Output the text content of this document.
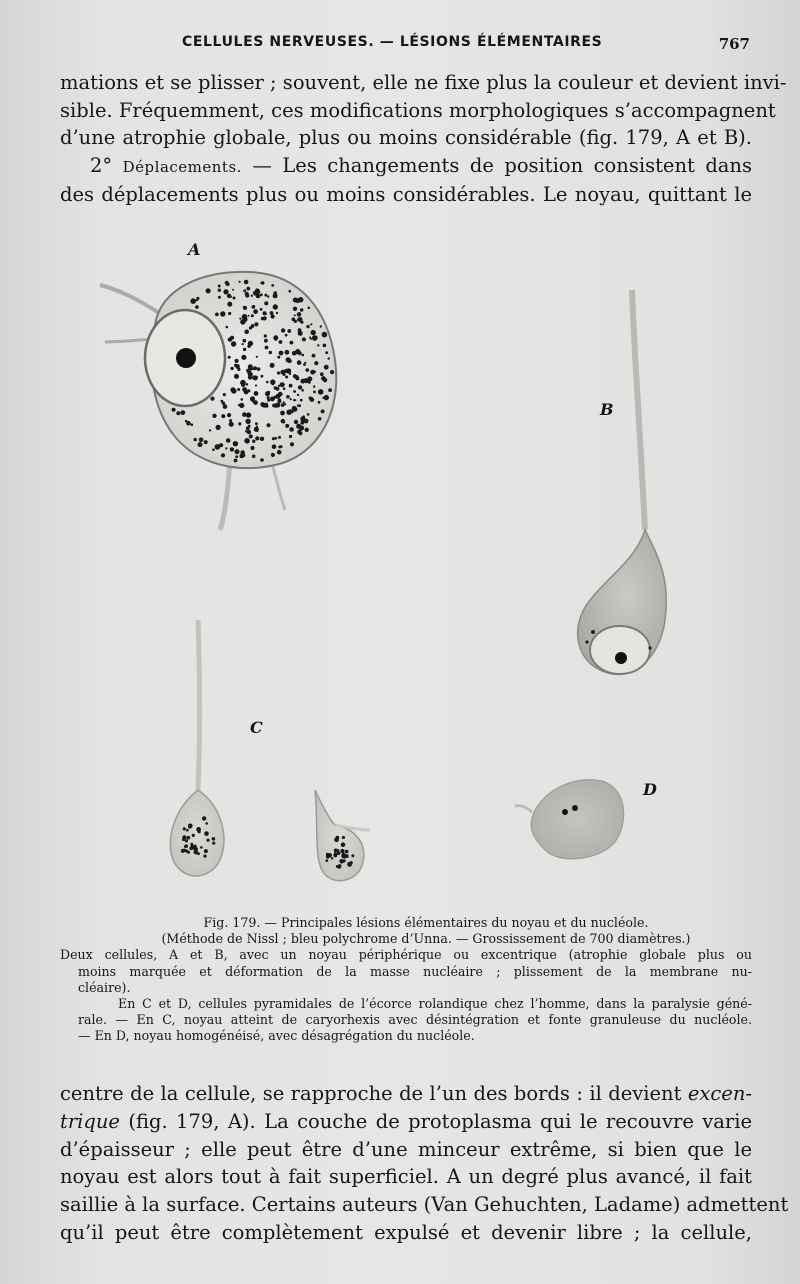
CELLULES NERVEUSES. — LÉSIONS ÉLÉMENTAIRES	767
mations et se plisser ; souvent, elle ne fixe plus la couleur et devient invi-
sible. Fréquemment, ces modifications morphologiques s’accompagnent
d’une atrophie globale, plus ou moins considérable (fig. 179, A et B).
2° Déplacements. — Les changements de position consistent dans
des déplacements plus ou moins considérables. Le noyau, quittant le
A
B
C
D
Fig. 179. — Principales lésions élémentaires du noyau et du nucléole.
(Méthode de Nissl ; bleu polychrome d’Unna. — Grossissement de 700 diamètres.)
Deux cellules, A et B, avec un noyau périphérique ou excentrique (atrophie globale plus ou
moins marquée et déformation de la masse nucléaire ; plissement de la membrane nu-
cléaire).
En C et D, cellules pyramidales de l’écorce rolandique chez l’homme, dans la paralysie géné-
rale. — En C, noyau atteint de caryorhexis avec désintégration et fonte granuleuse du nucléole.
— En D, noyau homogénéisé, avec désagrégation du nucléole.
centre de la cellule, se rapproche de l’un des bords : il devient excen-
trique (fig. 179, A). La couche de protoplasma qui le recouvre varie
d’épaisseur ; elle peut être d’une minceur extrême, si bien que le
noyau est alors tout à fait superficiel. A un degré plus avancé, il fait
saillie à la surface. Certains auteurs (Van Gehuchten, Ladame) admettent
qu’il peut être complètement expulsé et devenir libre ; la cellule,
